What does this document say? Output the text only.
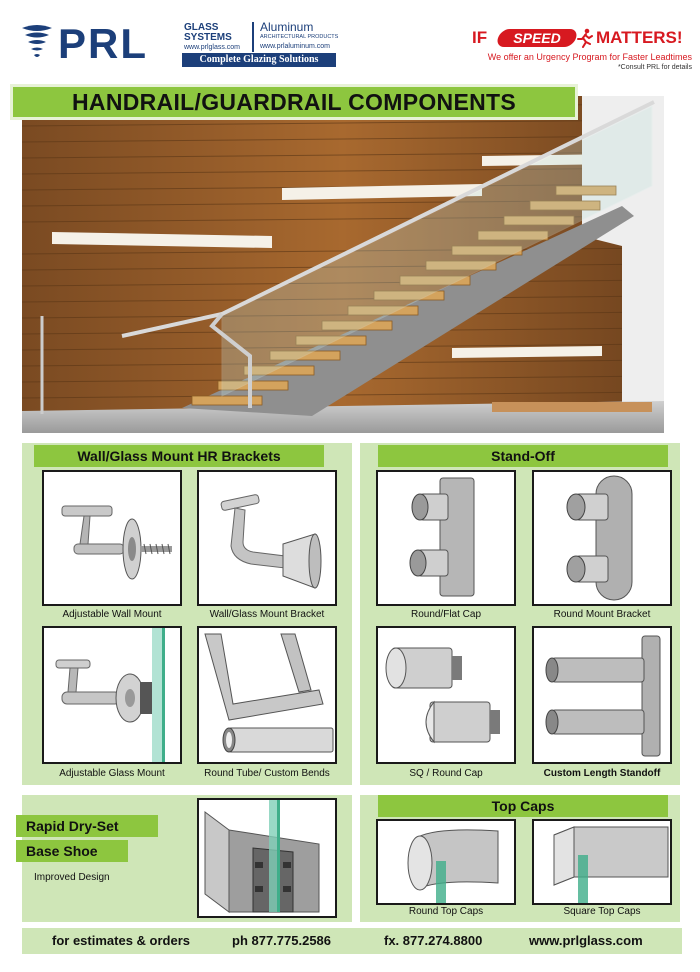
PRL	GLASS
SYSTEMS
www.prlglass.com
Aluminum
ARCHITECTURAL PRODUCTS
www.prlaluminum.com
Complete Glazing Solutions
IF	SPEED	MATTERS!
We offer an Urgency Program for Faster Leadtimes
*Consult PRL for details
HANDRAIL/GUARDRAIL COMPONENTS
Wall/Glass Mount HR Brackets
Adjustable Wall Mount	Wall/Glass Mount Bracket
Adjustable Glass Mount	Round Tube/ Custom Bends
Stand-Off
Round/Flat Cap	Round Mount Bracket
SQ / Round Cap	Custom Length Standoff
Rapid Dry-Set
Base Shoe
Improved Design
Top Caps
Round Top Caps	Square Top Caps
for estimates & orders	ph 877.775.2586	fx. 877.274.8800	www.prlglass.com
